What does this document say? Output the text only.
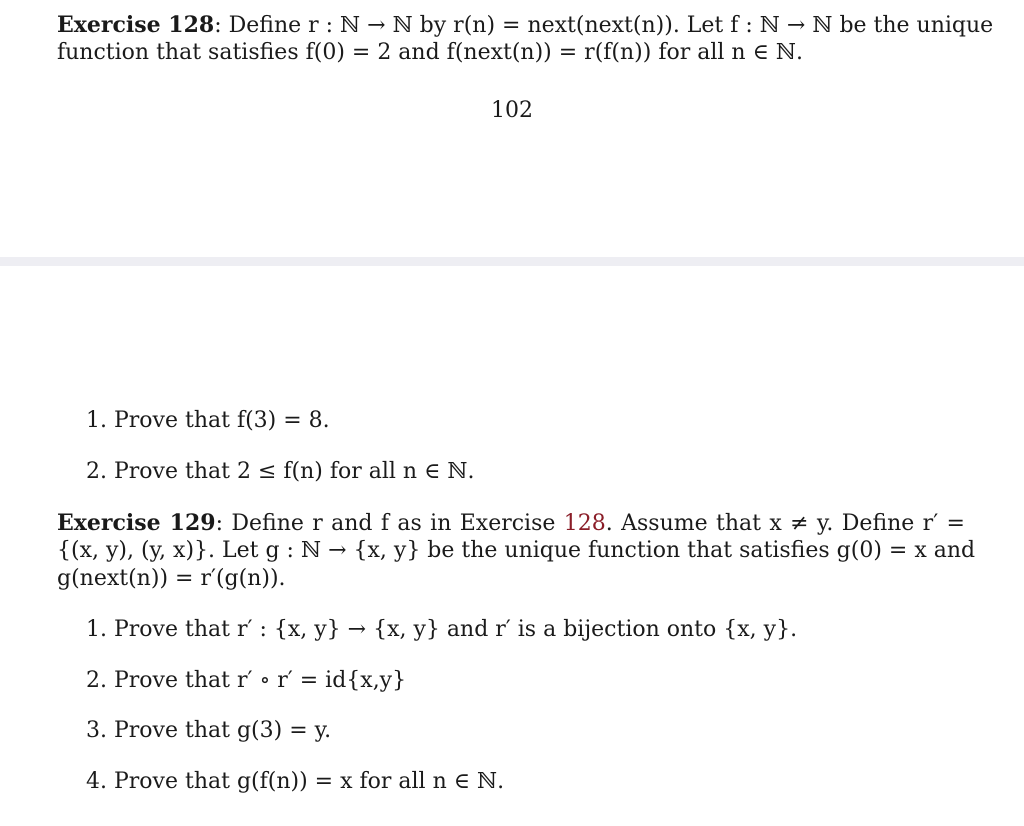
Exercise 128: Define r : ℕ → ℕ by r(n) = next(next(n)). Let f : ℕ → ℕ be the unique
function that satisfies f(0) = 2 and f(next(n)) = r(f(n)) for all n ∈ ℕ.
102
1. Prove that f(3) = 8.
2. Prove that 2 ≤ f(n) for all n ∈ ℕ.
Exercise 129: Define r and f as in Exercise 128. Assume that x ≠ y. Define r′ =
{(x, y), (y, x)}. Let g : ℕ → {x, y} be the unique function that satisfies g(0) = x and
g(next(n)) = r′(g(n)).
1. Prove that r′ : {x, y} → {x, y} and r′ is a bijection onto {x, y}.
2. Prove that r′ ∘ r′ = id{x,y}
3. Prove that g(3) = y.
4. Prove that g(f(n)) = x for all n ∈ ℕ.
